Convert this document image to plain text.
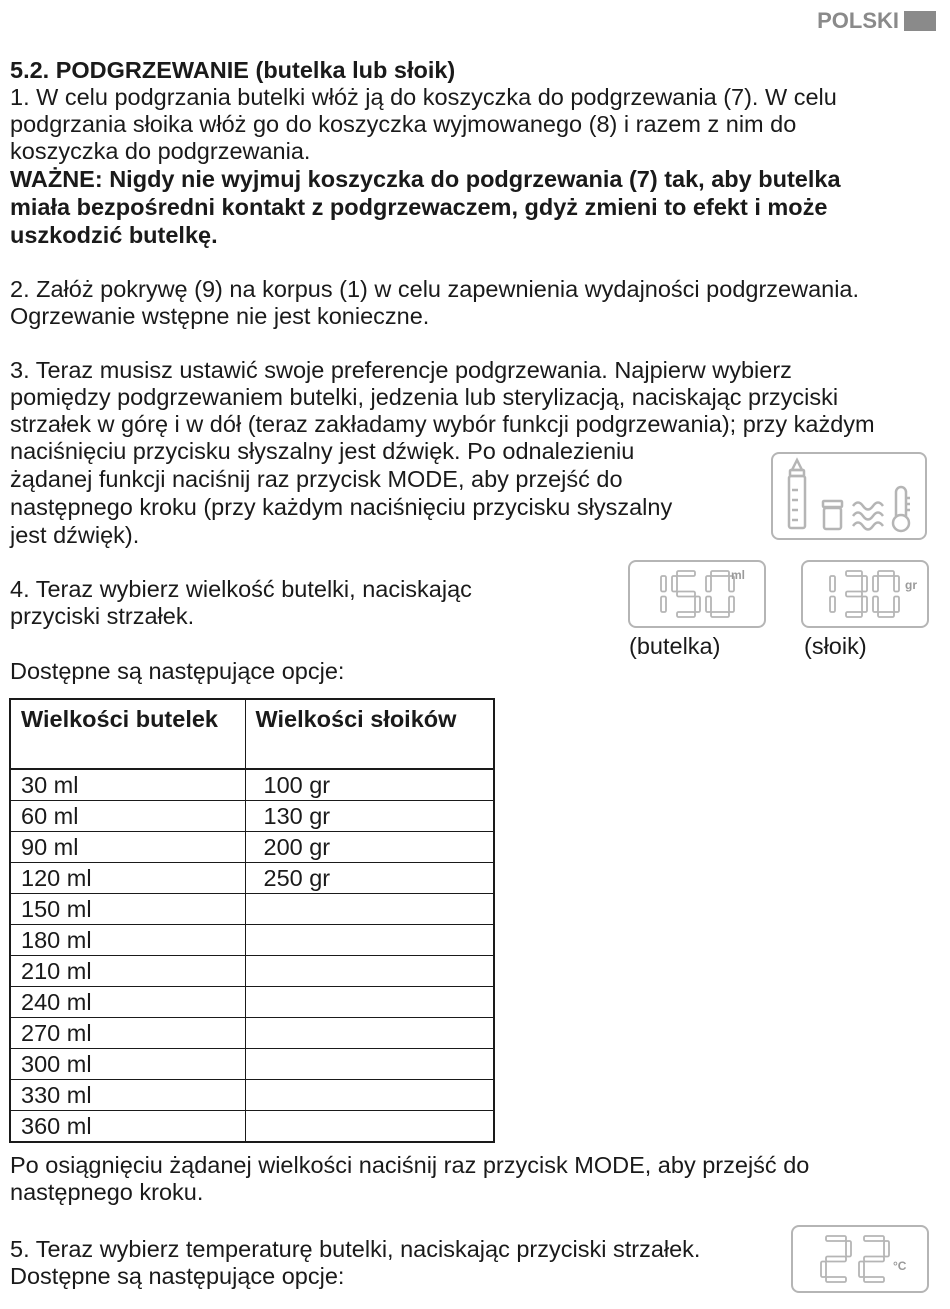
POLSKI

5.2. PODGRZEWANIE (butelka lub słoik)

1. W celu podgrzania butelki włóż ją do koszyczka do podgrzewania (7). W celu

podgrzania słoika włóż go do koszyczka wyjmowanego (8) i razem z nim do

koszyczka do podgrzewania.

WAŻNE: Nigdy nie wyjmuj koszyczka do podgrzewania (7) tak, aby butelka

miała bezpośredni kontakt z podgrzewaczem, gdyż zmieni to efekt i może

uszkodzić butelkę.

2. Załóż pokrywę (9) na korpus (1) w celu zapewnienia wydajności podgrzewania.

Ogrzewanie wstępne nie jest konieczne.

3. Teraz musisz ustawić swoje preferencje podgrzewania. Najpierw wybierz

pomiędzy podgrzewaniem butelki, jedzenia lub sterylizacją, naciskając przyciski

strzałek w górę i w dół (teraz zakładamy wybór funkcji podgrzewania); przy każdym

naciśnięciu przycisku słyszalny jest dźwięk. Po odnalezieniu

żądanej funkcji naciśnij raz przycisk MODE, aby przejść do

następnego kroku (przy każdym naciśnięciu przycisku słyszalny

jest dźwięk).

4. Teraz wybierz wielkość butelki, naciskając

przyciski strzałek.

ml
(butelka)
gr
(słoik)

Dostępne są następujące opcje:

Wielkości butelek	Wielkości słoików
30 ml	100 gr
60 ml	130 gr
90 ml	200 gr
120 ml	250 gr
150 ml	
180 ml	
210 ml	
240 ml	
270 ml	
300 ml	
330 ml	
360 ml	

Po osiągnięciu żądanej wielkości naciśnij raz przycisk MODE, aby przejść do

następnego kroku.

5. Teraz wybierz temperaturę butelki, naciskając przyciski strzałek.

Dostępne są następujące opcje:	°C
